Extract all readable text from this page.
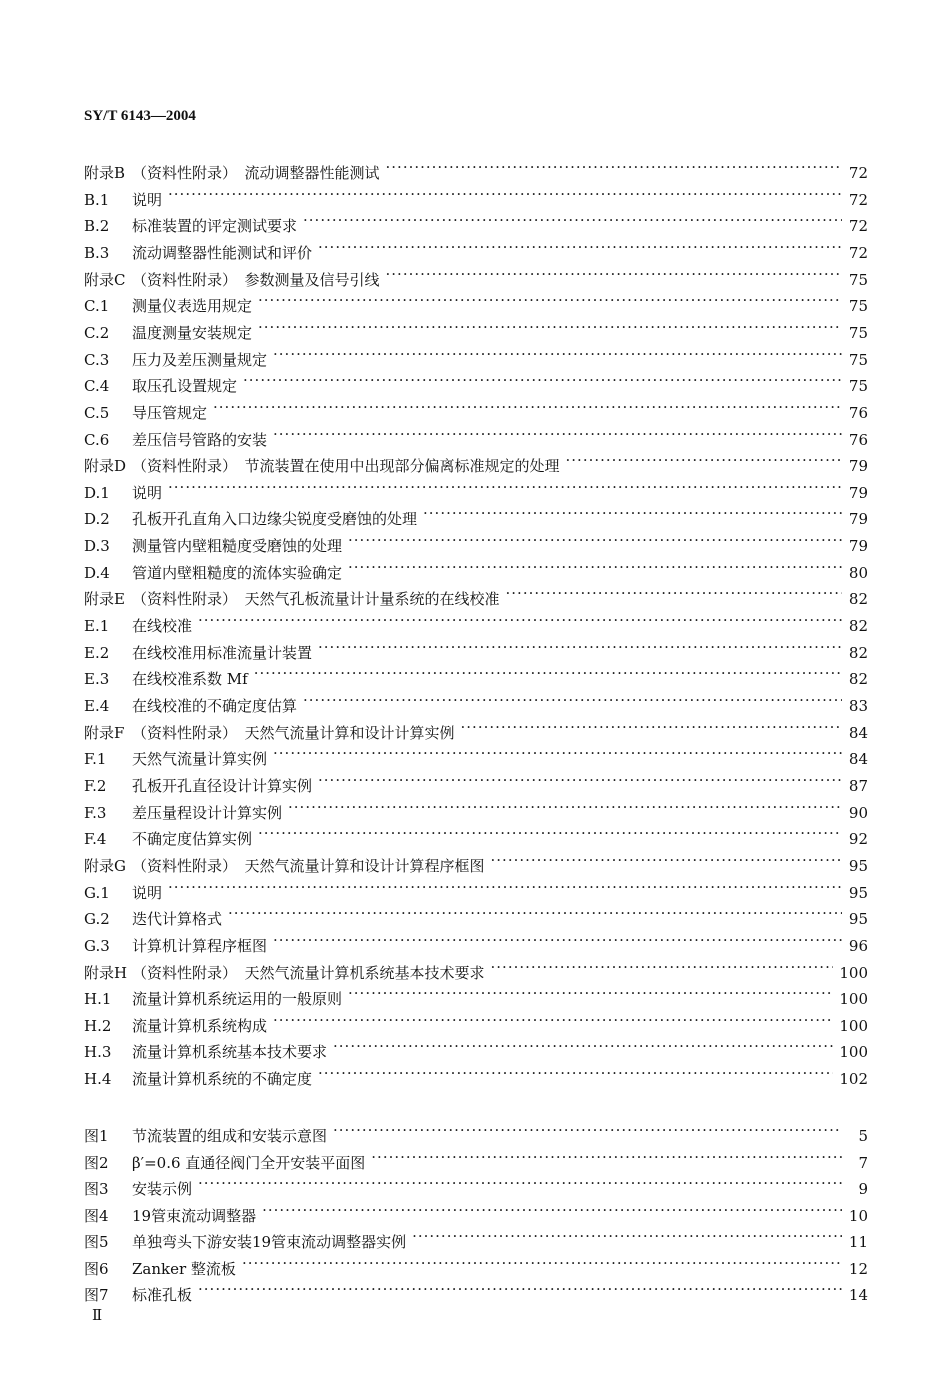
SY/T 6143—2004
附录B （资料性附录）　流动调整器性能测试 ·····	72
B.1	说明 ·····	72
B.2	标准装置的评定测试要求 ·····	72
B.3	流动调整器性能测试和评价 ·····	72
附录C （资料性附录）　参数测量及信号引线 ·····	75
C.1	测量仪表选用规定 ·····	75
C.2	温度测量安装规定 ·····	75
C.3	压力及差压测量规定 ·····	75
C.4	取压孔设置规定 ·····	75
C.5	导压管规定 ·····	76
C.6	差压信号管路的安装 ·····	76
附录D （资料性附录）　节流装置在使用中出现部分偏离标准规定的处理 ·····	79
D.1	说明 ·····	79
D.2	孔板开孔直角入口边缘尖锐度受磨蚀的处理 ·····	79
D.3	测量管内壁粗糙度受磨蚀的处理 ·····	79
D.4	管道内壁粗糙度的流体实验确定 ·····	80
附录E （资料性附录）　天然气孔板流量计计量系统的在线校准 ·····	82
E.1	在线校准 ·····	82
E.2	在线校准用标准流量计装置 ·····	82
E.3	在线校准系数 Mf ·····	82
E.4	在线校准的不确定度估算 ·····	83
附录F （资料性附录）　天然气流量计算和设计计算实例 ·····	84
F.1	天然气流量计算实例 ·····	84
F.2	孔板开孔直径设计计算实例 ·····	87
F.3	差压量程设计计算实例 ·····	90
F.4	不确定度估算实例 ·····	92
附录G （资料性附录）　天然气流量计算和设计计算程序框图 ·····	95
G.1	说明 ·····	95
G.2	迭代计算格式 ·····	95
G.3	计算机计算程序框图 ·····	96
附录H （资料性附录）　天然气流量计算机系统基本技术要求 ·····	100
H.1	流量计算机系统运用的一般原则 ·····	100
H.2	流量计算机系统构成 ·····	100
H.3	流量计算机系统基本技术要求 ·····	100
H.4	流量计算机系统的不确定度 ·····	102
图1	节流装置的组成和安装示意图 ·····	5
图2	β′=0.6 直通径阀门全开安装平面图 ·····	7
图3	安装示例 ·····	9
图4	19管束流动调整器 ·····	10
图5	单独弯头下游安装19管束流动调整器实例 ·····	11
图6	Zanker 整流板 ·····	12
图7	标准孔板 ·····	14
Ⅱ
